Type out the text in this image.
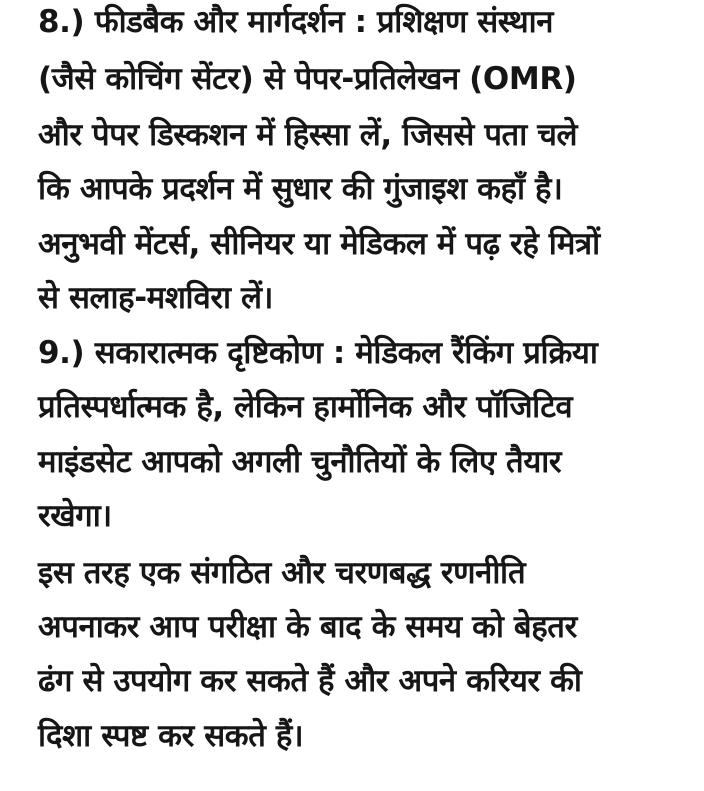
8.) फीडबैक और मार्गदर्शन : प्रशिक्षण संस्थान
(जैसे कोचिंग सेंटर) से पेपर-प्रतिलेखन (OMR)
और पेपर डिस्कशन में हिस्सा लें, जिससे पता चले
कि आपके प्रदर्शन में सुधार की गुंजाइश कहाँ है।
अनुभवी मेंटर्स, सीनियर या मेडिकल में पढ़ रहे मित्रों
से सलाह-मशविरा लें।
9.) सकारात्मक दृष्टिकोण : मेडिकल रैंकिंग प्रक्रिया
प्रतिस्पर्धात्मक है, लेकिन हार्मोनिक और पॉजिटिव
माइंडसेट आपको अगली चुनौतियों के लिए तैयार
रखेगा।
इस तरह एक संगठित और चरणबद्ध रणनीति
अपनाकर आप परीक्षा के बाद के समय को बेहतर
ढंग से उपयोग कर सकते हैं और अपने करियर की
दिशा स्पष्ट कर सकते हैं।
